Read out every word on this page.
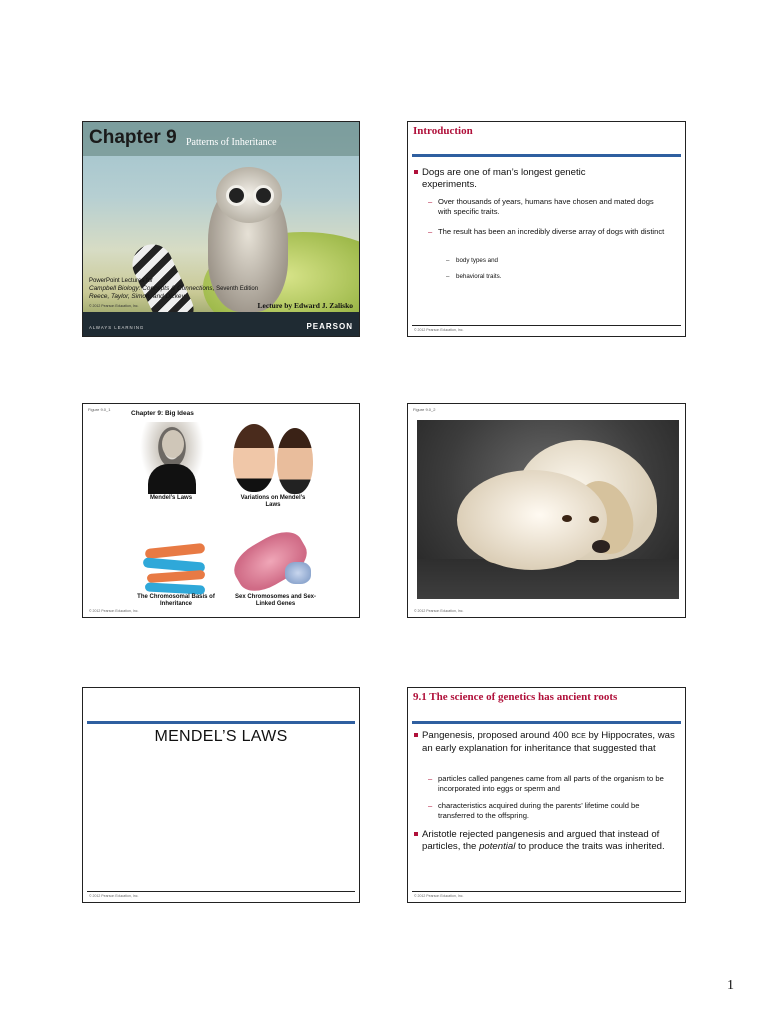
Chapter 9 Patterns of Inheritance
PowerPoint Lectures for
Campbell Biology: Concepts & Connections, Seventh Edition
Reece, Taylor, Simon, and Dickey
© 2012 Pearson Education, Inc.	Lecture by Edward J. Zalisko
ALWAYS LEARNING	PEARSON
Introduction
Dogs are one of man’s longest genetic experiments.
– Over thousands of years, humans have chosen and mated dogs with specific traits.
– The result has been an incredibly diverse array of dogs with distinct
– body types and
– behavioral traits.
© 2012 Pearson Education, Inc.
Figure 9.0_1
Chapter 9: Big Ideas
Mendel’s Laws	Variations on Mendel’s Laws
The Chromosomal Basis of Inheritance
Sex Chromosomes and Sex-Linked Genes
© 2012 Pearson Education, Inc.
Figure 9.0_2
© 2012 Pearson Education, Inc.
MENDEL’S LAWS
© 2012 Pearson Education, Inc.
9.1 The science of genetics has ancient roots
Pangenesis, proposed around 400 BCE by Hippocrates, was an early explanation for inheritance that suggested that
– particles called pangenes came from all parts of the organism to be incorporated into eggs or sperm and
– characteristics acquired during the parents’ lifetime could be transferred to the offspring.
Aristotle rejected pangenesis and argued that instead of particles, the potential to produce the traits was inherited.
© 2012 Pearson Education, Inc.
1
